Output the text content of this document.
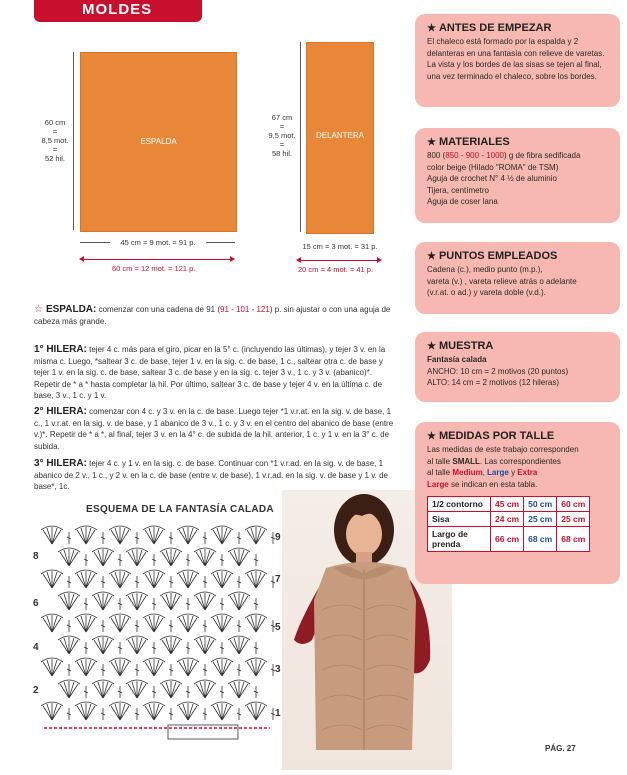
MOLDES
60 cm
=
8,5 mot.
=
52 hil.
ESPALDA
45 cm = 9 mot. = 91 p.
60 cm = 12 mot. = 121 p.
67 cm
=
9,5 mot.
=
58 hil.
DELANTERA
15 cm = 3 mot. = 31 p.
20 cm = 4 mot. = 41 p.
☆ ESPALDA: comenzar con una cadena de 91 (91 - 101 - 121) p. sin ajustar o con una aguja de cabeza más grande.
1° HILERA: tejer 4 c. más para el giro, picar en la 5° c. (incluyendo las últimas), y tejer 3 v. en la misma c. Luego, *saltear 3 c. de base, tejer 1 v. en la sig. c. de base, 1 c., saltear otra c. de base y tejer 1 v. en la sig. c. de base, saltear 3 c. de base y en la sig. c. tejer 3 v., 1 c. y 3 v. (abanico)*. Repetir de * a * hasta completar la hil. Por último, saltear 3 c. de base y tejer 4 v. en la última c. de base, 3 v., 1 c. y 1 v.
2° HILERA: comenzar con 4 c. y 3 v. en la c. de base. Luego tejer *1 v.r.at. en la sig. v. de base, 1 c., 1 v.r.at. en la sig. v. de base, y 1 abanico de 3 v., 1 c. y 3 v. en el centro del abanico de base (entre v.)*. Repetir de * a *, al final, tejer 3 v. en la 4° c. de subida de la hil. anterior, 1 c. y 1 v. en la 3° c. de subida.
3° HILERA: tejer 4 c. y 1 v. en la sig. c. de base. Continuar con *1 v.r.ad. en la sig. v. de base, 1 abanico de 2 v., 1 c., y 2 v. en la c. de base (entre v. de base), 1 v.r.ad. en la sig. v. de base y 1 v. de base*, 1c.
ESQUEMA DE LA FANTASÍA CALADA
8
6
4
2
9
7
5
3
1
★ ANTES DE EMPEZAR
El chaleco está formado por la espalda y 2 delanteras en una fantasía con relieve de varetas. La vista y los bordes de las sisas se tejen al final, una vez terminado el chaleco, sobre los bordes.
★ MATERIALES
800 (850 - 900 - 1000) g de fibra sedificada
color beige (Hilado "ROMA" de TSM)
Aguja de crochet N° 4 ½ de aluminio
Tijera, centímetro
Aguja de coser lana
★ PUNTOS EMPLEADOS
Cadena (c.), medio punto (m.p.),
vareta (v.) , vareta relieve atrás o adelante
(v.r.at. o ad.) y vareta doble (v.d.).
★ MUESTRA
Fantasía calada
ANCHO: 10 cm = 2 motivos (20 puntos)
ALTO: 14 cm = 2 motivos (12 hileras)
★ MEDIDAS POR TALLE
Las medidas de este trabajo corresponden
al talle SMALL. Las correspondientes
al talle Medium, Large y Extra
Large se indican en esta tabla.
1/2 contorno	45 cm	50 cm	60 cm
Sisa	24 cm	25 cm	25 cm
Largo de prenda	66 cm	68 cm	68 cm
PÁG. 27
